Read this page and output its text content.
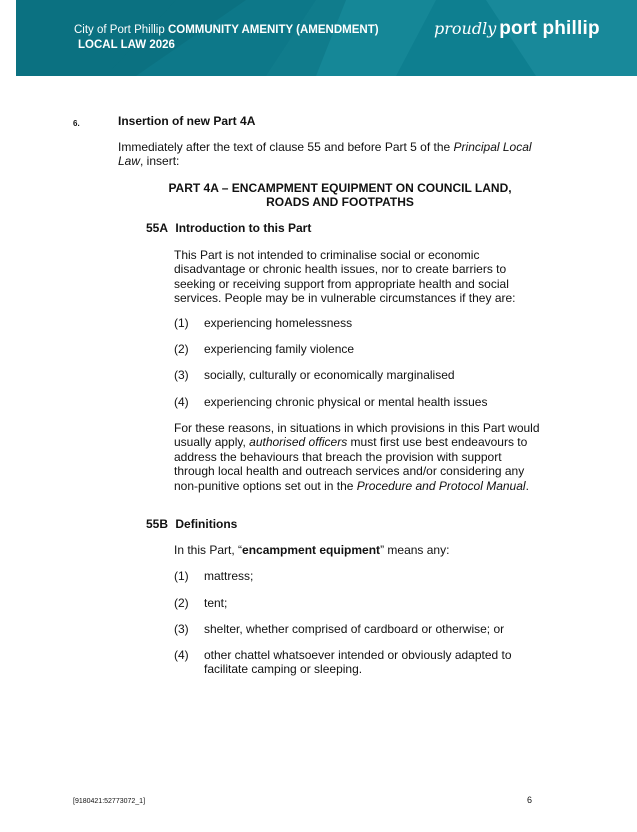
City of Port Phillip COMMUNITY AMENITY (AMENDMENT)
LOCAL LAW 2026
proudly port phillip
6.	Insertion of new Part 4A
Immediately after the text of clause 55 and before Part 5 of the Principal Local Law, insert:
PART 4A – ENCAMPMENT EQUIPMENT ON COUNCIL LAND,
ROADS AND FOOTPATHS
55A Introduction to this Part
This Part is not intended to criminalise social or economic disadvantage or chronic health issues, nor to create barriers to seeking or receiving support from appropriate health and social services. People may be in vulnerable circumstances if they are:
(1) experiencing homelessness
(2) experiencing family violence
(3) socially, culturally or economically marginalised
(4) experiencing chronic physical or mental health issues
For these reasons, in situations in which provisions in this Part would usually apply, authorised officers must first use best endeavours to address the behaviours that breach the provision with support through local health and outreach services and/or considering any non-punitive options set out in the Procedure and Protocol Manual.
55B Definitions
In this Part, “encampment equipment” means any:
(1) mattress;
(2) tent;
(3) shelter, whether comprised of cardboard or otherwise; or
(4) other chattel whatsoever intended or obviously adapted to facilitate camping or sleeping.
[9180421:52773072_1]	6
